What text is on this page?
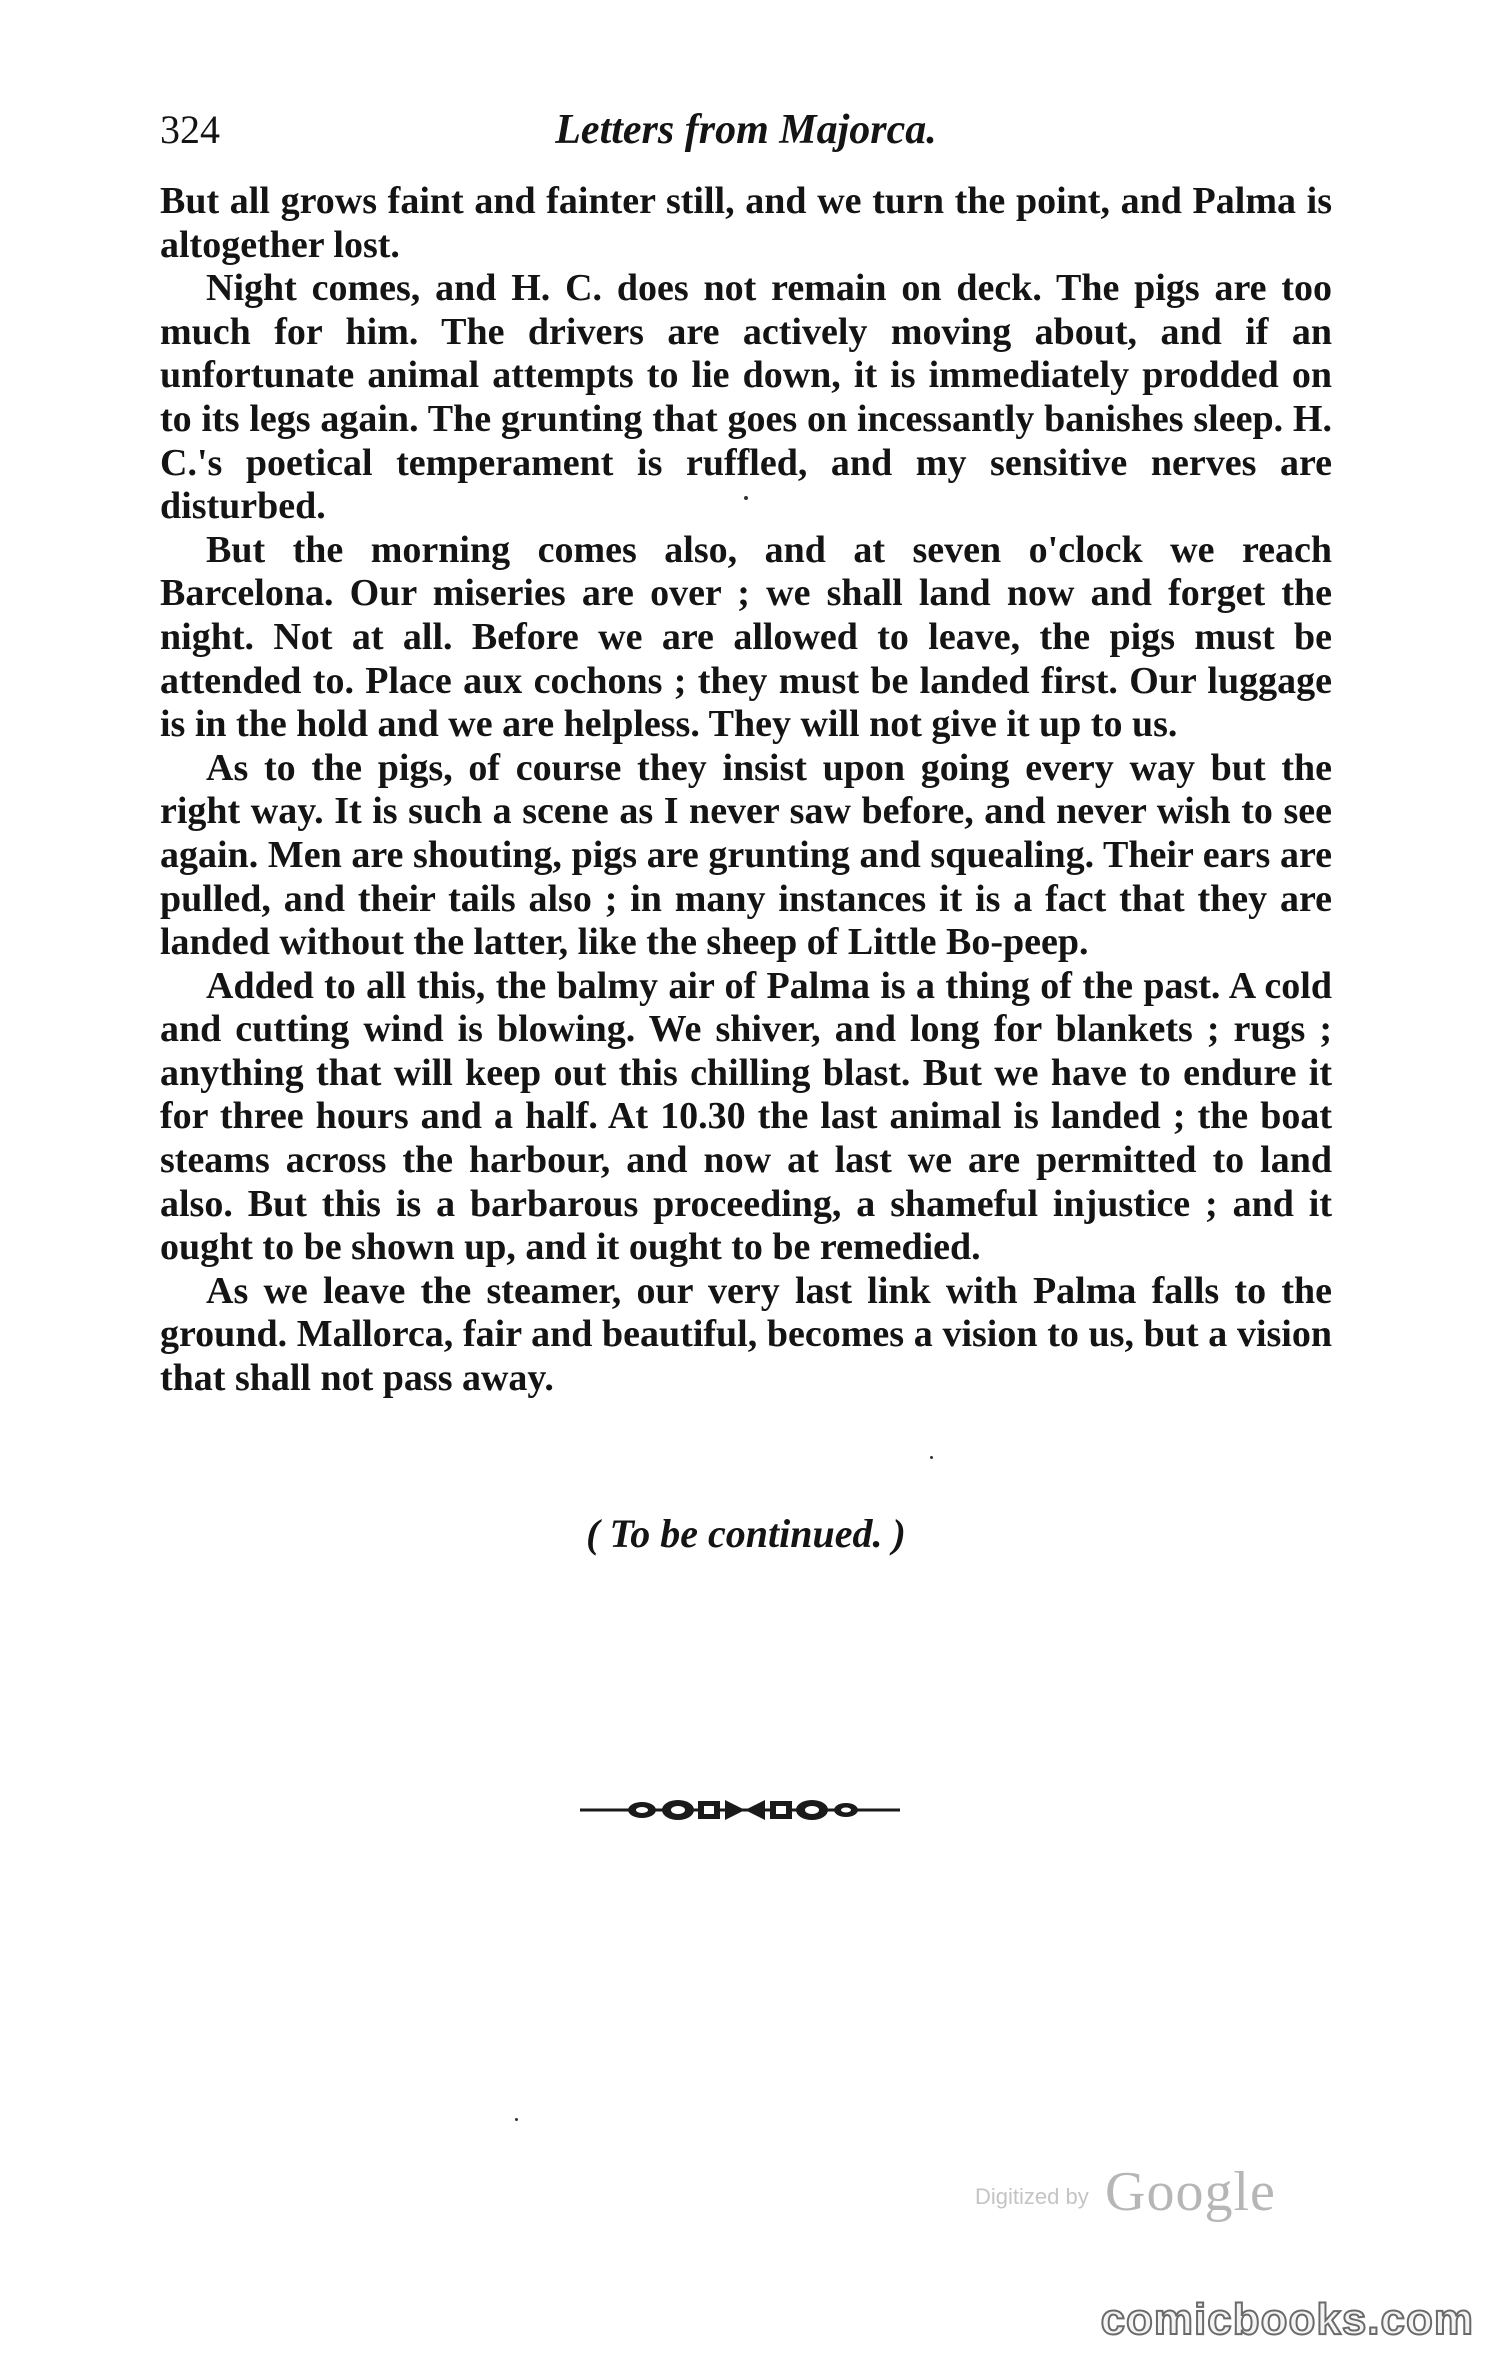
324	Letters from Majorca.

But all grows faint and fainter still, and we turn the point, and Palma is altogether lost.

Night comes, and H. C. does not remain on deck. The pigs are too much for him. The drivers are actively moving about, and if an unfortunate animal attempts to lie down, it is immediately prodded on to its legs again. The grunting that goes on incessantly banishes sleep. H. C.'s poetical temperament is ruffled, and my sensitive nerves are disturbed.

But the morning comes also, and at seven o'clock we reach Barcelona. Our miseries are over ; we shall land now and forget the night. Not at all. Before we are allowed to leave, the pigs must be attended to. Place aux cochons ; they must be landed first. Our luggage is in the hold and we are helpless. They will not give it up to us.

As to the pigs, of course they insist upon going every way but the right way. It is such a scene as I never saw before, and never wish to see again. Men are shouting, pigs are grunting and squealing. Their ears are pulled, and their tails also ; in many instances it is a fact that they are landed without the latter, like the sheep of Little Bo-peep.

Added to all this, the balmy air of Palma is a thing of the past. A cold and cutting wind is blowing. We shiver, and long for blankets ; rugs ; anything that will keep out this chilling blast. But we have to endure it for three hours and a half. At 10.30 the last animal is landed ; the boat steams across the harbour, and now at last we are permitted to land also. But this is a barbarous proceeding, a shameful injustice ; and it ought to be shown up, and it ought to be remedied.

As we leave the steamer, our very last link with Palma falls to the ground. Mallorca, fair and beautiful, becomes a vision to us, but a vision that shall not pass away.

( To be continued. )
Digitized by Google
comicbooks.com
